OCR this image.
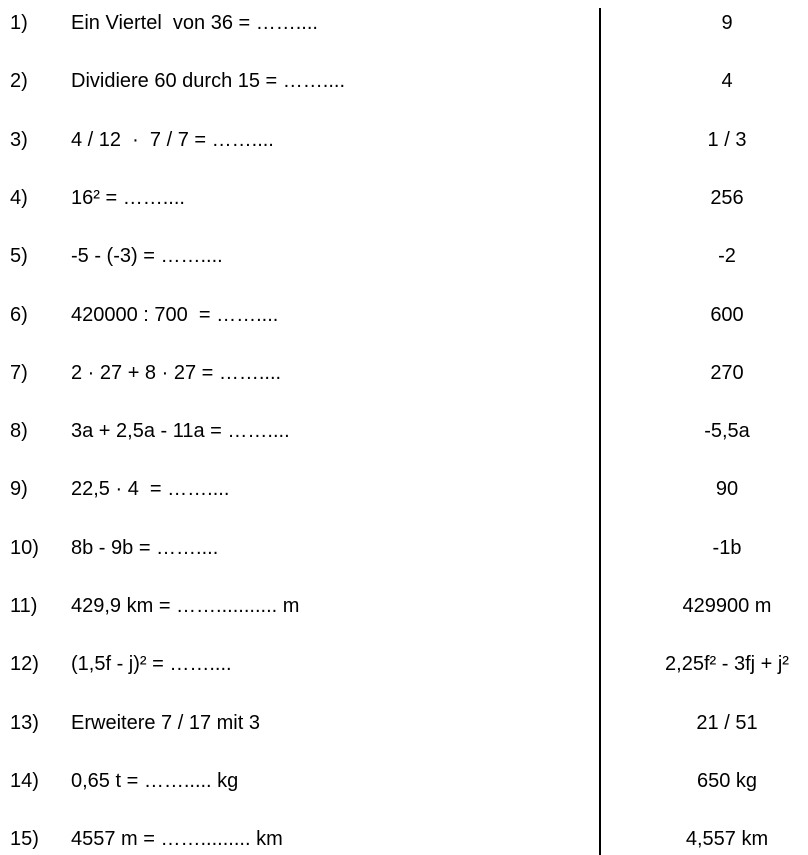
1) Ein Viertel  von 36 = ……....	9
2) Dividiere 60 durch 15 = ……....	4
3) 4 / 12  ·  7 / 7 = ……....	1 / 3
4) 16² = ……....	256
5) -5 - (-3) = ……....	-2
6) 420000 : 700  = ……....	600
7) 2 · 27 + 8 · 27 = ……....	270
8) 3a + 2,5a - 11a = ……....	-5,5a
9) 22,5 · 4  = ……....	90
10) 8b - 9b = ……....	-1b
11) 429,9 km = ……........... m	429900 m
12) (1,5f - j)² = ……....	2,25f² - 3fj + j²
13) Erweitere 7 / 17 mit 3	21 / 51
14) 0,65 t = ……..... kg	650 kg
15) 4557 m = ……......... km	4,557 km
